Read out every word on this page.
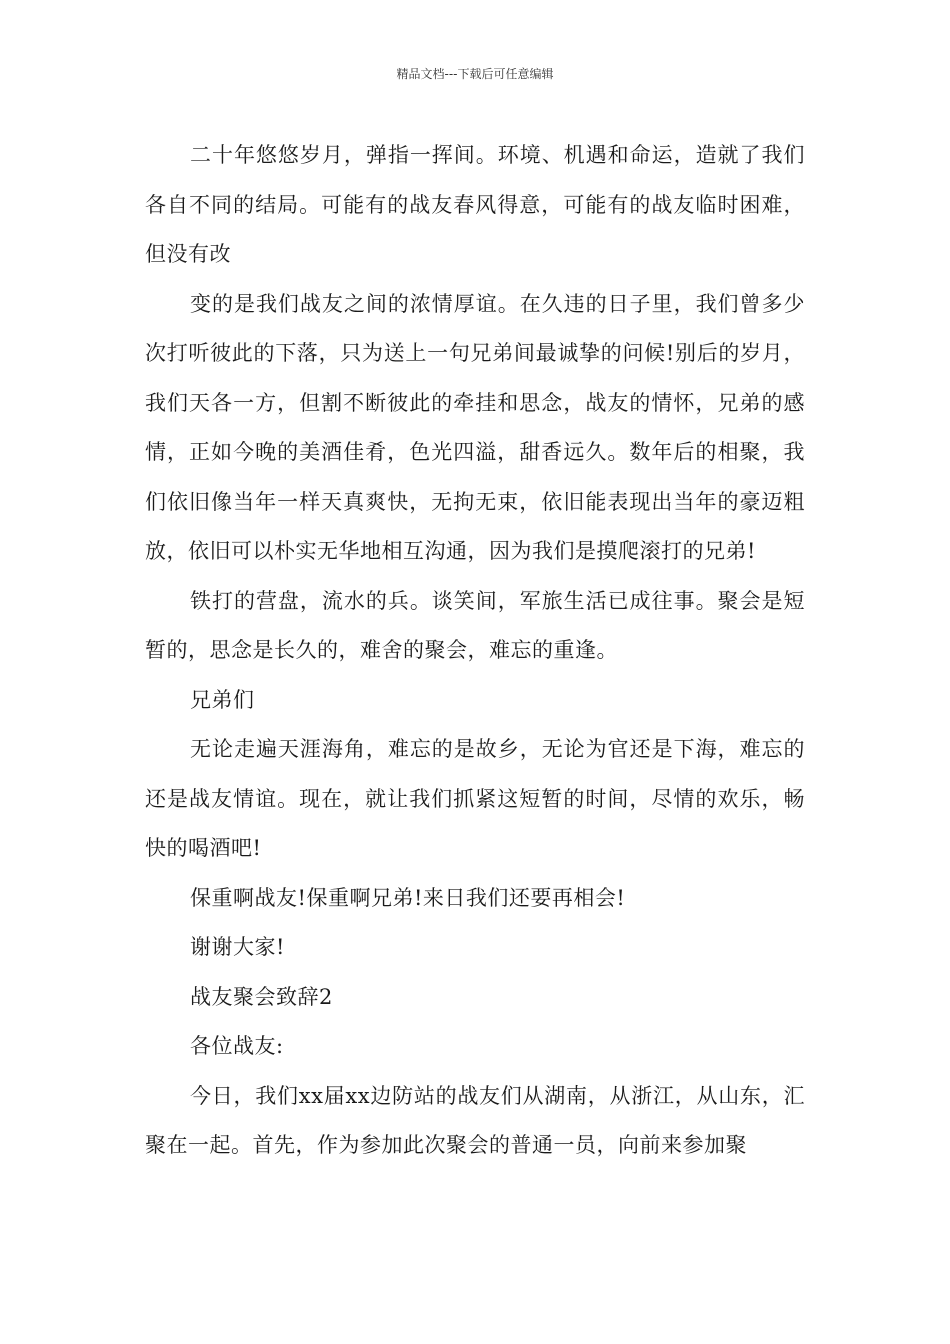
精品文档---下载后可任意编辑

二十年悠悠岁月，弹指一挥间。环境、机遇和命运，造就了我们各自不同的结局。可能有的战友春风得意，可能有的战友临时困难，但没有改

变的是我们战友之间的浓情厚谊。在久违的日子里，我们曾多少次打听彼此的下落，只为送上一句兄弟间最诚挚的问候!别后的岁月，我们天各一方，但割不断彼此的牵挂和思念，战友的情怀，兄弟的感情，正如今晚的美酒佳肴，色光四溢，甜香远久。数年后的相聚，我们依旧像当年一样天真爽快，无拘无束，依旧能表现出当年的豪迈粗放，依旧可以朴实无华地相互沟通，因为我们是摸爬滚打的兄弟!

铁打的营盘，流水的兵。谈笑间，军旅生活已成往事。聚会是短暂的，思念是长久的，难舍的聚会，难忘的重逢。

兄弟们

无论走遍天涯海角，难忘的是故乡，无论为官还是下海，难忘的还是战友情谊。现在，就让我们抓紧这短暂的时间，尽情的欢乐，畅快的喝酒吧!

保重啊战友!保重啊兄弟!来日我们还要再相会!

谢谢大家!

战友聚会致辞2

各位战友:

今日，我们xx届xx边防站的战友们从湖南，从浙江，从山东，汇聚在一起。首先，作为参加此次聚会的普通一员，向前来参加聚
